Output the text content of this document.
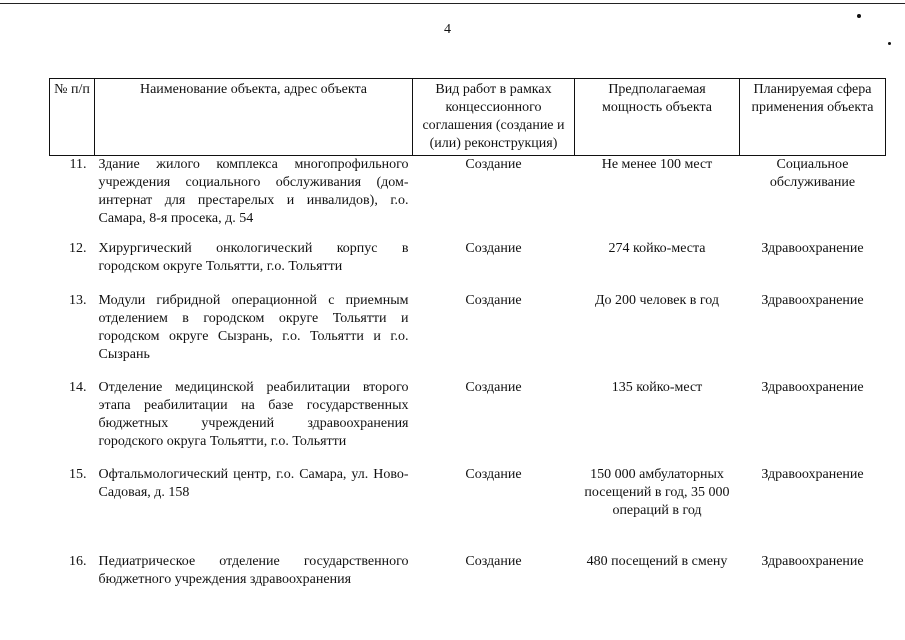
4
№ п/п	Наименование объекта, адрес объекта	Вид работ в рамках концессионного соглашения (создание и (или) реконструкция)	Предполагаемая мощность объекта	Планируемая сфера применения объекта
11.	Здание жилого комплекса многопрофильного учреждения социального обслуживания (дом-интернат для престарелых и инвалидов), г.о. Самара, 8-я просека, д. 54	Создание	Не менее 100 мест	Социальное обслуживание
12.	Хирургический онкологический корпус в городском округе Тольятти, г.о. Тольятти	Создание	274 койко-места	Здравоохранение
13.	Модули гибридной операционной с приемным отделением в городском округе Тольятти и городском округе Сызрань, г.о. Тольятти и г.о. Сызрань	Создание	До 200 человек в год	Здравоохранение
14.	Отделение медицинской реабилитации второго этапа реабилитации на базе государственных бюджетных учреждений здравоохранения городского округа Тольятти, г.о. Тольятти	Создание	135 койко-мест	Здравоохранение
15.	Офтальмологический центр, г.о. Самара, ул. Ново-Садовая, д. 158	Создание	150 000 амбулаторных посещений в год, 35 000 операций в год	Здравоохранение
16.	Педиатрическое отделение государственного бюджетного учреждения здравоохранения	Создание	480 посещений в смену	Здравоохранение
